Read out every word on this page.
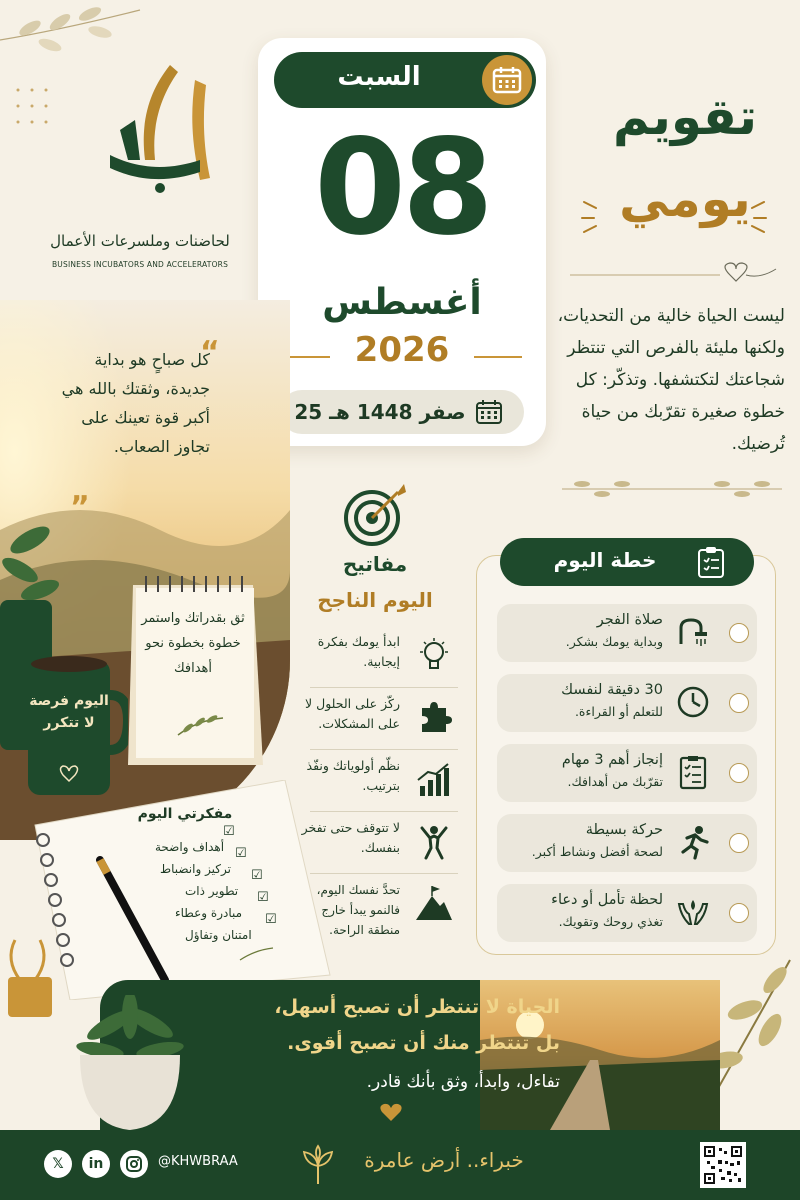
لحاضنات وملسرعات الأعمال
BUSINESS INCUBATORS AND ACCELERATORS
السبت
08
أغسطس
2026
25 صفر 1448 هـ
تقويم
يومي
ليست الحياة خالية من التحديات، ولكنها مليئة بالفرص التي تنتظر شجاعتك لتكتشفها. وتذكّر: كل خطوة صغيرة تقرّبك من حياة تُرضيك.
“
كل صباحٍ هو بداية جديدة، وثقتك بالله هي أكبر قوة تعينك على تجاوز الصعاب.
”
ثق بقدراتك واستمر خطوة بخطوة نحو أهدافك
اليوم فرصة لا تتكرر
مفكرتي اليوم
أهداف واضحة
تركيز وانضباط
تطوير ذات
مبادرة وعطاء
امتنان وتفاؤل
☑
☑
☑
☑
☑
مفاتيح
اليوم الناجح
ابدأ يومك بفكرة إيجابية.
ركّز على الحلول لا على المشكلات.
نظّم أولوياتك ونفّذ بترتيب.
لا تتوقف حتى تفخر بنفسك.
تحدَّ نفسك اليوم، فالنمو يبدأ خارج منطقة الراحة.
خطة اليوم
صلاة الفجر
وبداية يومك بشكر.
30 دقيقة لنفسك
للتعلم أو القراءة.
إنجاز أهم 3 مهام
تقرّبك من أهدافك.
حركة بسيطة
لصحة أفضل ونشاط أكبر.
لحظة تأمل أو دعاء
تغذي روحك وتقويك.
الحياة لا تنتظر أن تصبح أسهل،
بل تنتظر منك أن تصبح أقوى.
تفاءل، وابدأ، وثق بأنك قادر.
𝕏	in	@KHWBRAA	خبراء.. أرض عامرة
